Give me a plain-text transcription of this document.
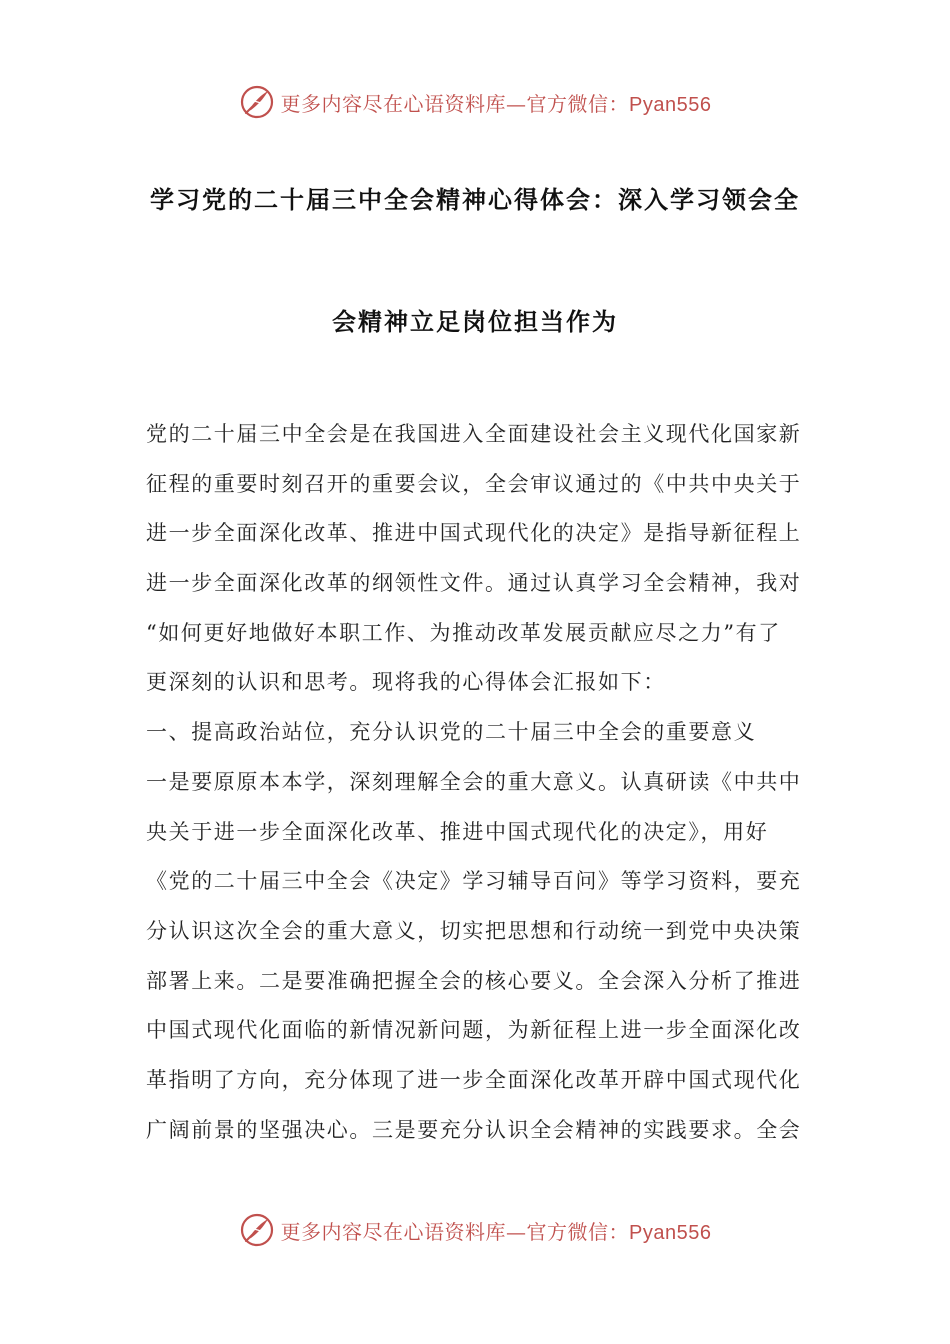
更多内容尽在心语资料库—官方微信：Pyan556
学习党的二十届三中全会精神心得体会：深入学习领会全
会精神立足岗位担当作为
党的二十届三中全会是在我国进入全面建设社会主义现代化国家新
征程的重要时刻召开的重要会议，全会审议通过的《中共中央关于
进一步全面深化改革、推进中国式现代化的决定》是指导新征程上
进一步全面深化改革的纲领性文件。通过认真学习全会精神，我对
“如何更好地做好本职工作、为推动改革发展贡献应尽之力”有了
更深刻的认识和思考。现将我的心得体会汇报如下：
一、提高政治站位，充分认识党的二十届三中全会的重要意义
一是要原原本本学，深刻理解全会的重大意义。认真研读《中共中
央关于进一步全面深化改革、推进中国式现代化的决定》，用好
《党的二十届三中全会《决定》学习辅导百问》等学习资料，要充
分认识这次全会的重大意义，切实把思想和行动统一到党中央决策
部署上来。二是要准确把握全会的核心要义。全会深入分析了推进
中国式现代化面临的新情况新问题，为新征程上进一步全面深化改
革指明了方向，充分体现了进一步全面深化改革开辟中国式现代化
广阔前景的坚强决心。三是要充分认识全会精神的实践要求。全会
更多内容尽在心语资料库—官方微信：Pyan556
